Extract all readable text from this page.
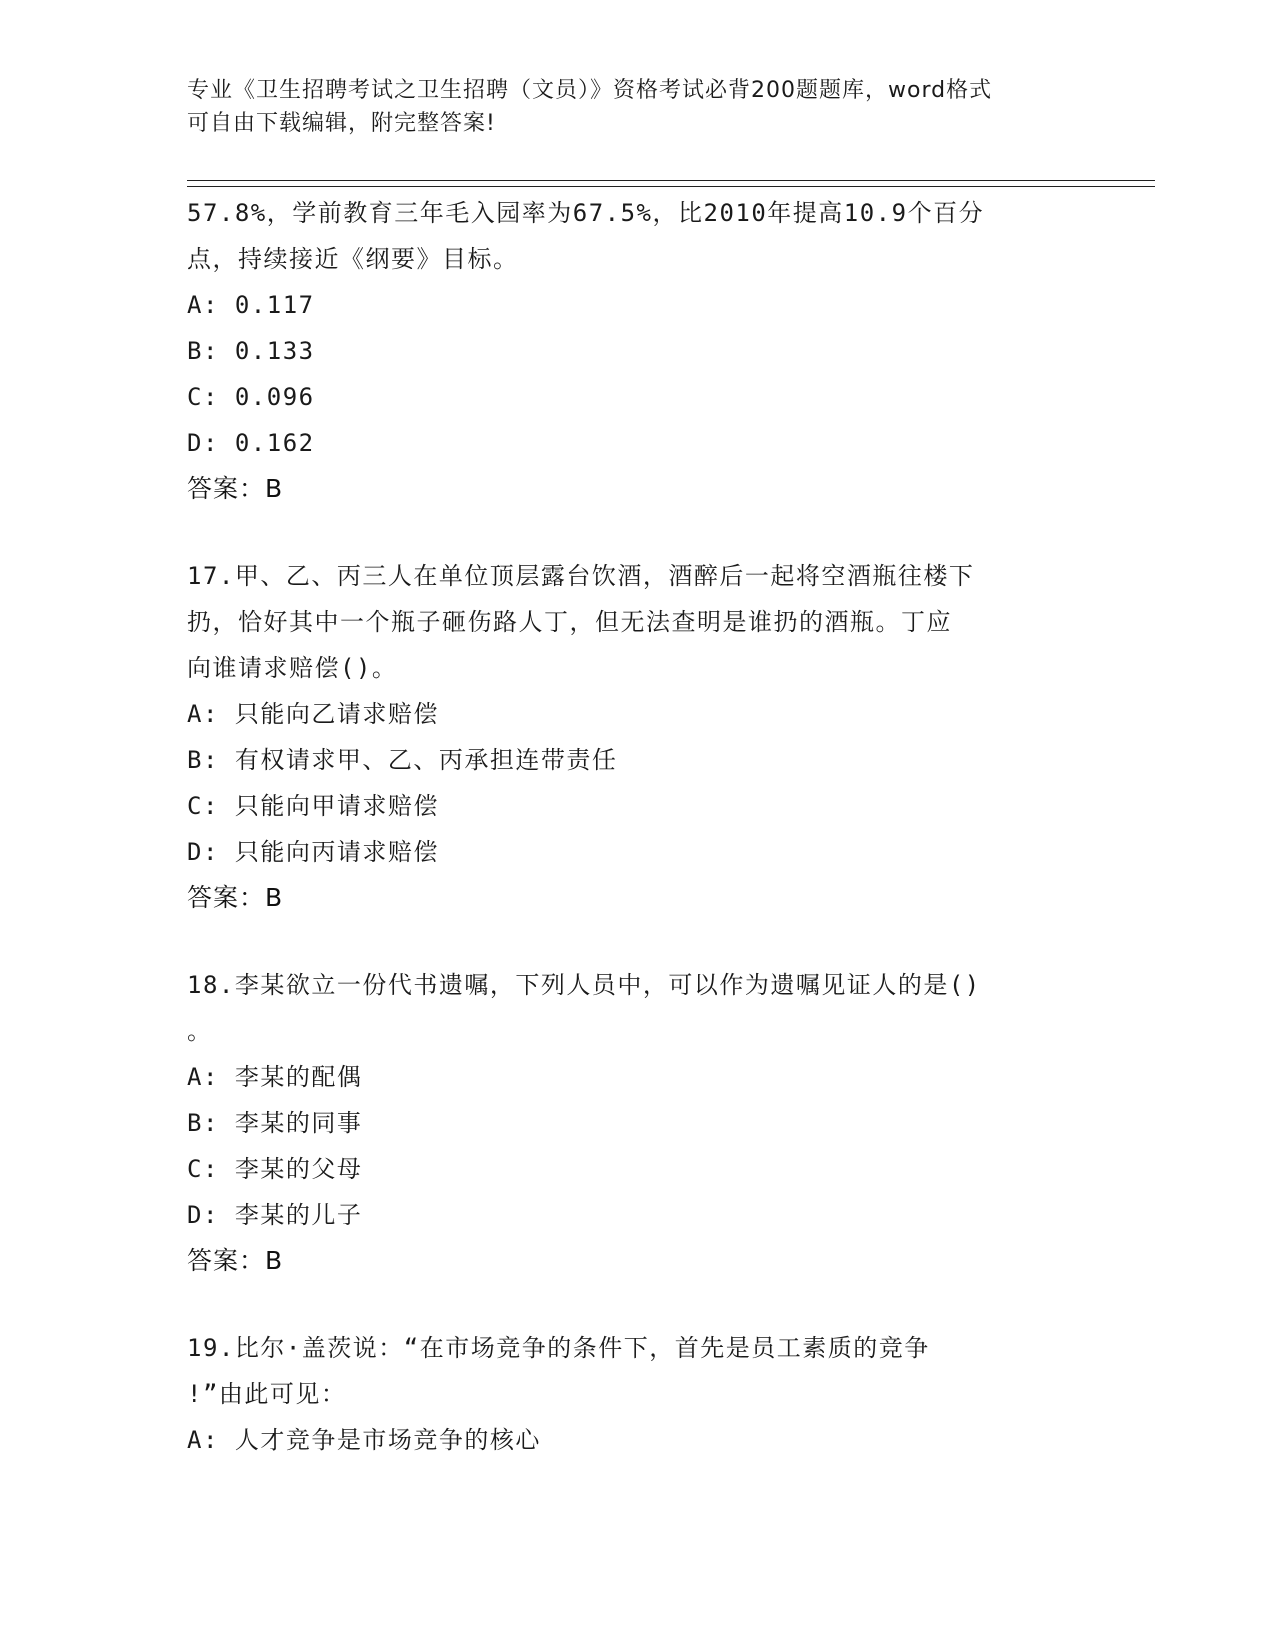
专业《卫生招聘考试之卫生招聘（文员）》资格考试必背200题题库，word格式
可自由下载编辑，附完整答案!
57.8%，学前教育三年毛入园率为67.5%，比2010年提高10.9个百分
点，持续接近《纲要》目标。
A: 0.117
B: 0.133
C: 0.096
D: 0.162
答案：B
17.甲、乙、丙三人在单位顶层露台饮酒，酒醉后一起将空酒瓶往楼下
扔，恰好其中一个瓶子砸伤路人丁，但无法查明是谁扔的酒瓶。丁应
向谁请求赔偿()。
A: 只能向乙请求赔偿
B: 有权请求甲、乙、丙承担连带责任
C: 只能向甲请求赔偿
D: 只能向丙请求赔偿
答案：B
18.李某欲立一份代书遗嘱，下列人员中，可以作为遗嘱见证人的是()
。
A: 李某的配偶
B: 李某的同事
C: 李某的父母
D: 李某的儿子
答案：B
19.比尔·盖茨说：“在市场竞争的条件下，首先是员工素质的竞争
!”由此可见：
A: 人才竞争是市场竞争的核心
